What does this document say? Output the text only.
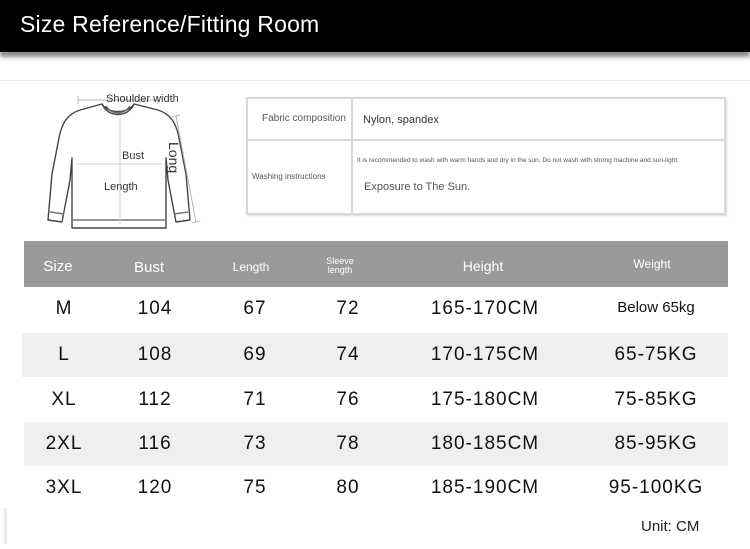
Size Reference/Fitting Room
Shoulder width
Bust
Length
Long
Fabric composition Nylon, spandex
Washing instructions
It is recommended to wash with warm hands and dry in the sun. Do not wash with strong machine and sun-light.
Exposure to The Sun.
Size	Bust	Length	Sleeve length	Height	Weight
M	104	67	72	165-170CM	Below 65kg
L	108	69	74	170-175CM	65-75KG
XL	112	71	76	175-180CM	75-85KG
2XL	116	73	78	180-185CM	85-95KG
3XL	120	75	80	185-190CM	95-100KG
Unit: CM
